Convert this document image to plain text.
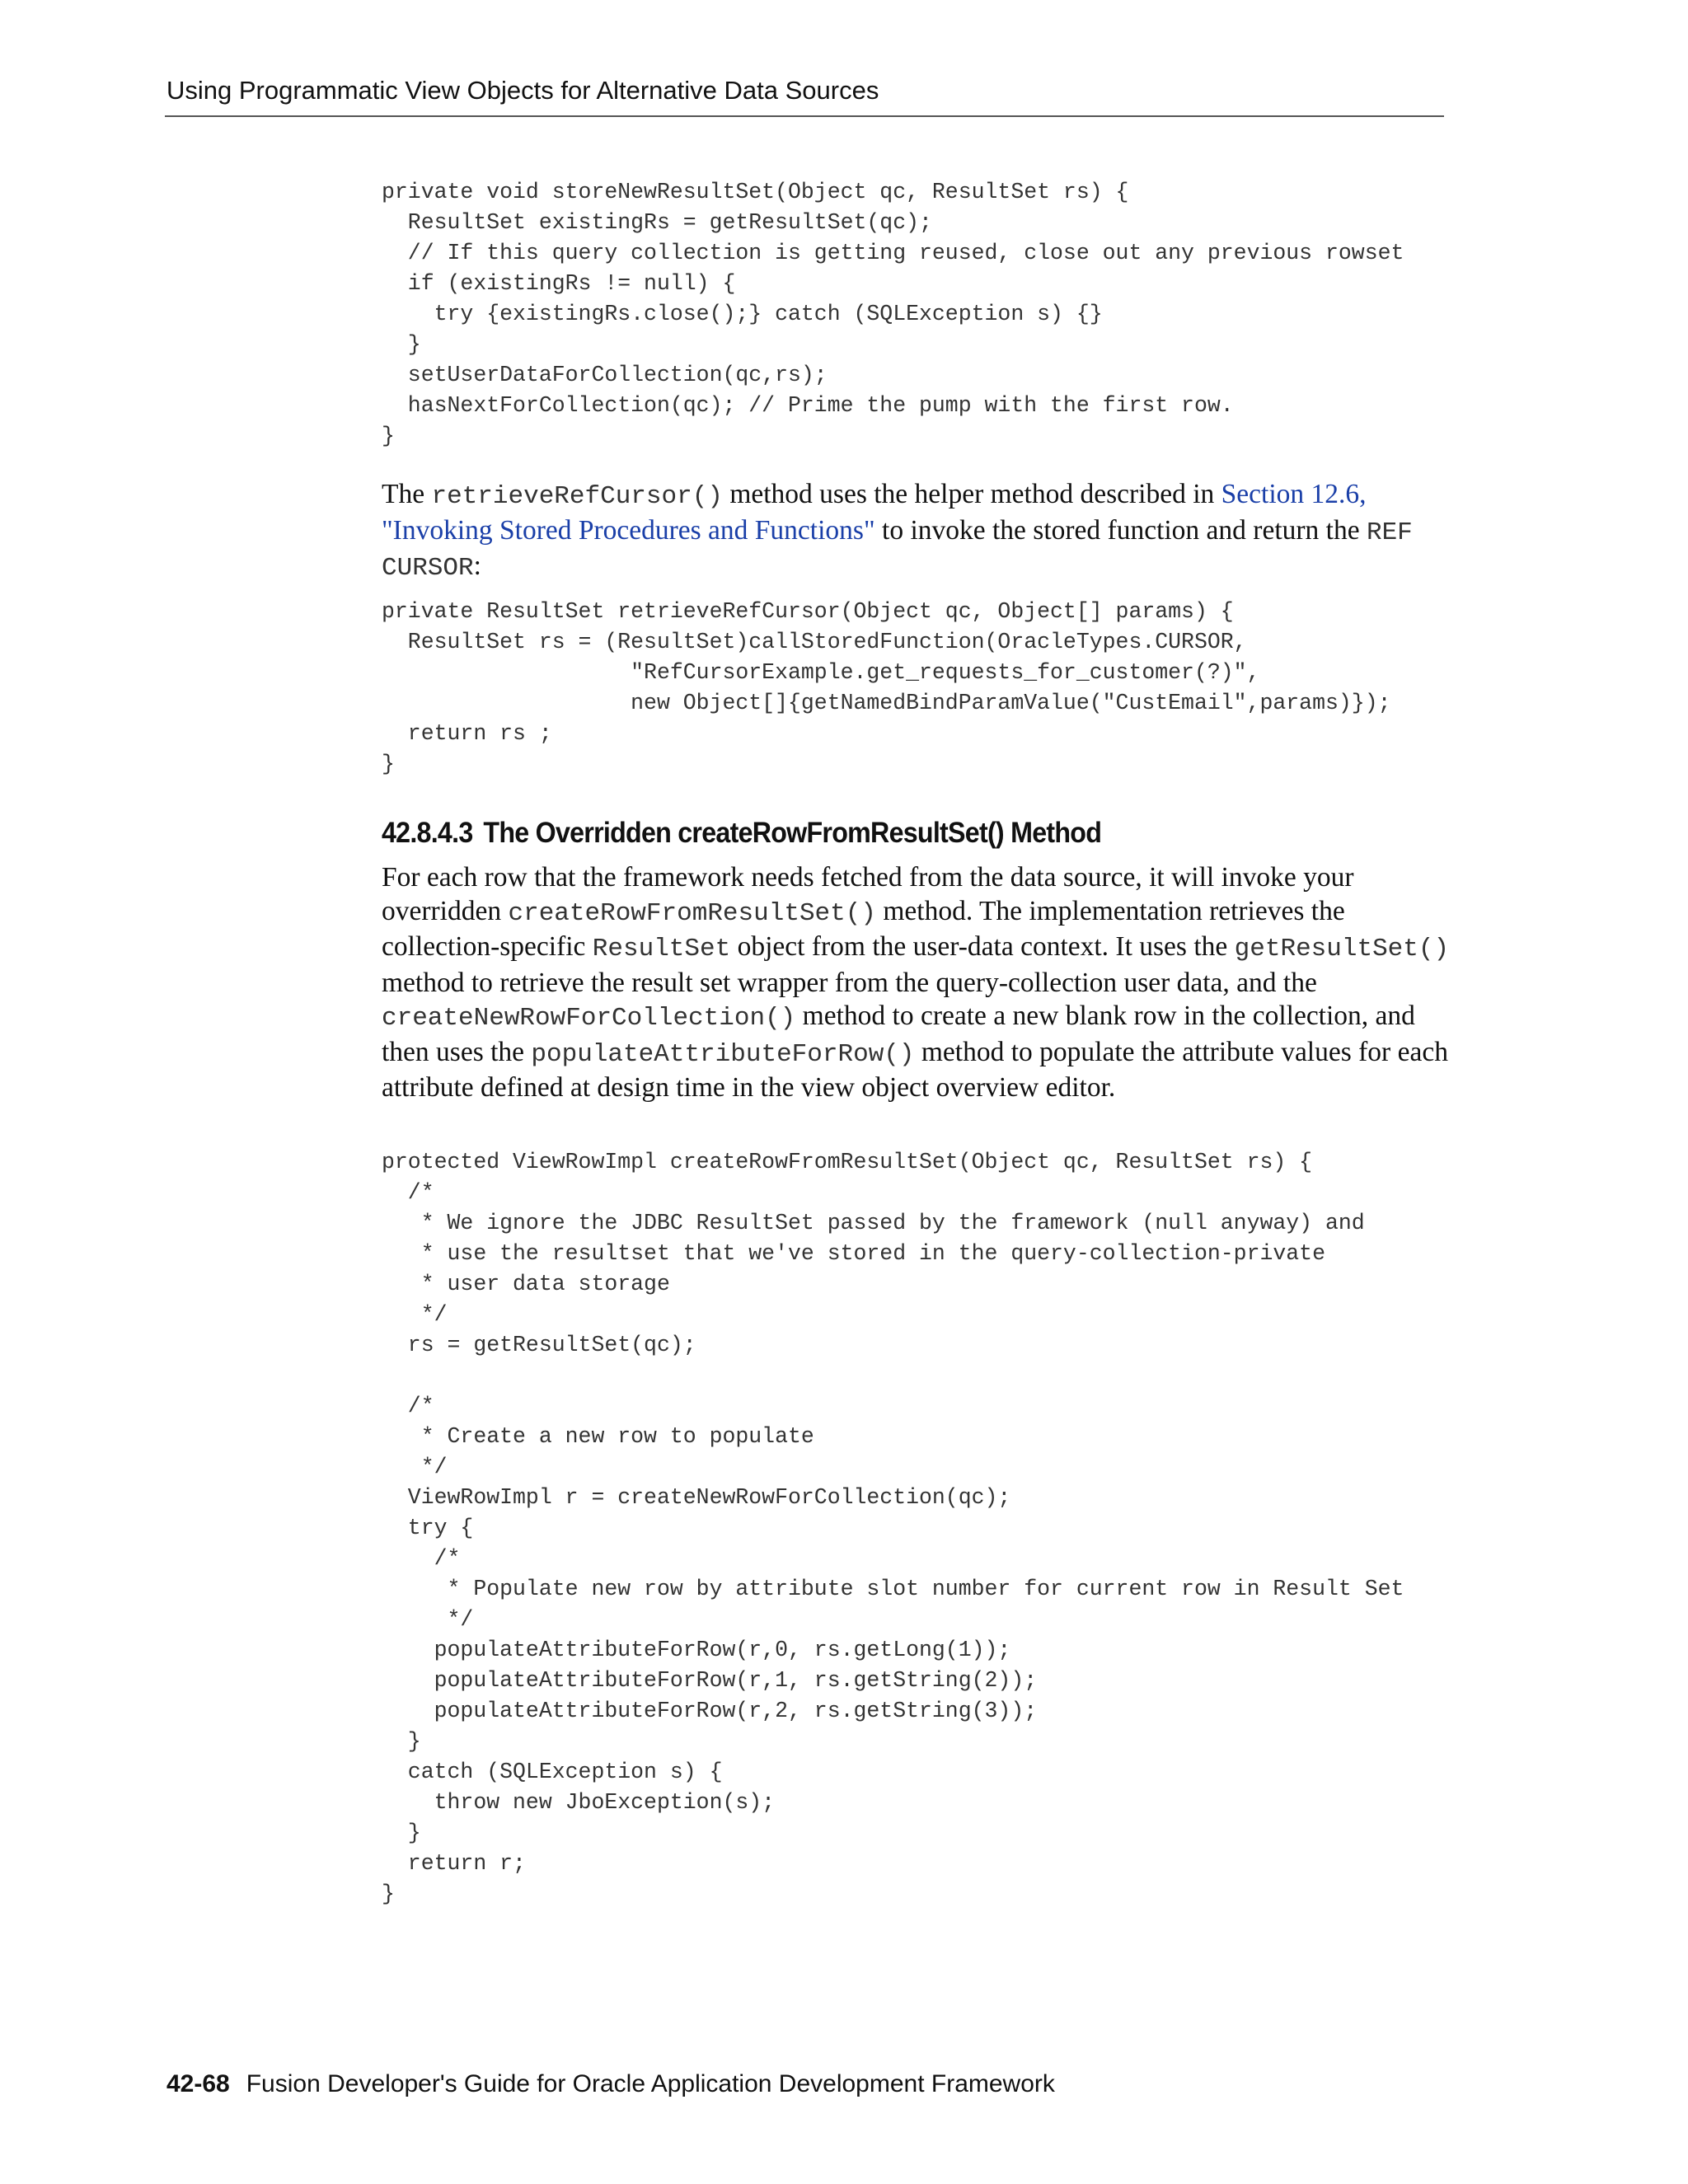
Using Programmatic View Objects for Alternative Data Sources
private void storeNewResultSet(Object qc, ResultSet rs) {
ResultSet existingRs = getResultSet(qc);
// If this query collection is getting reused, close out any previous rowset
if (existingRs != null) {
try {existingRs.close();} catch (SQLException s) {}
}
setUserDataForCollection(qc,rs);
hasNextForCollection(qc); // Prime the pump with the first row.
}

The retrieveRefCursor() method uses the helper method described in Section 12.6, "Invoking Stored Procedures and Functions" to invoke the stored function and return the REF CURSOR:

private ResultSet retrieveRefCursor(Object qc, Object[] params) {
ResultSet rs = (ResultSet)callStoredFunction(OracleTypes.CURSOR,
"RefCursorExample.get_requests_for_customer(?)",
new Object[]{getNamedBindParamValue("CustEmail",params)});
return rs ;
}
42.8.4.3 The Overridden createRowFromResultSet() Method

For each row that the framework needs fetched from the data source, it will invoke your overridden createRowFromResultSet() method. The implementation retrieves the collection-specific ResultSet object from the user-data context. It uses the getResultSet() method to retrieve the result set wrapper from the query-collection user data, and the createNewRowForCollection() method to create a new blank row in the collection, and then uses the populateAttributeForRow() method to populate the attribute values for each attribute defined at design time in the view object overview editor.

protected ViewRowImpl createRowFromResultSet(Object qc, ResultSet rs) {
/*
* We ignore the JDBC ResultSet passed by the framework (null anyway) and
* use the resultset that we've stored in the query-collection-private
* user data storage
*/
rs = getResultSet(qc);
/*
* Create a new row to populate
*/
ViewRowImpl r = createNewRowForCollection(qc);
try {
/*
* Populate new row by attribute slot number for current row in Result Set
*/
populateAttributeForRow(r,0, rs.getLong(1));
populateAttributeForRow(r,1, rs.getString(2));
populateAttributeForRow(r,2, rs.getString(3));
}
catch (SQLException s) {
throw new JboException(s);
}
return r;
}
42-68 Fusion Developer's Guide for Oracle Application Development Framework
